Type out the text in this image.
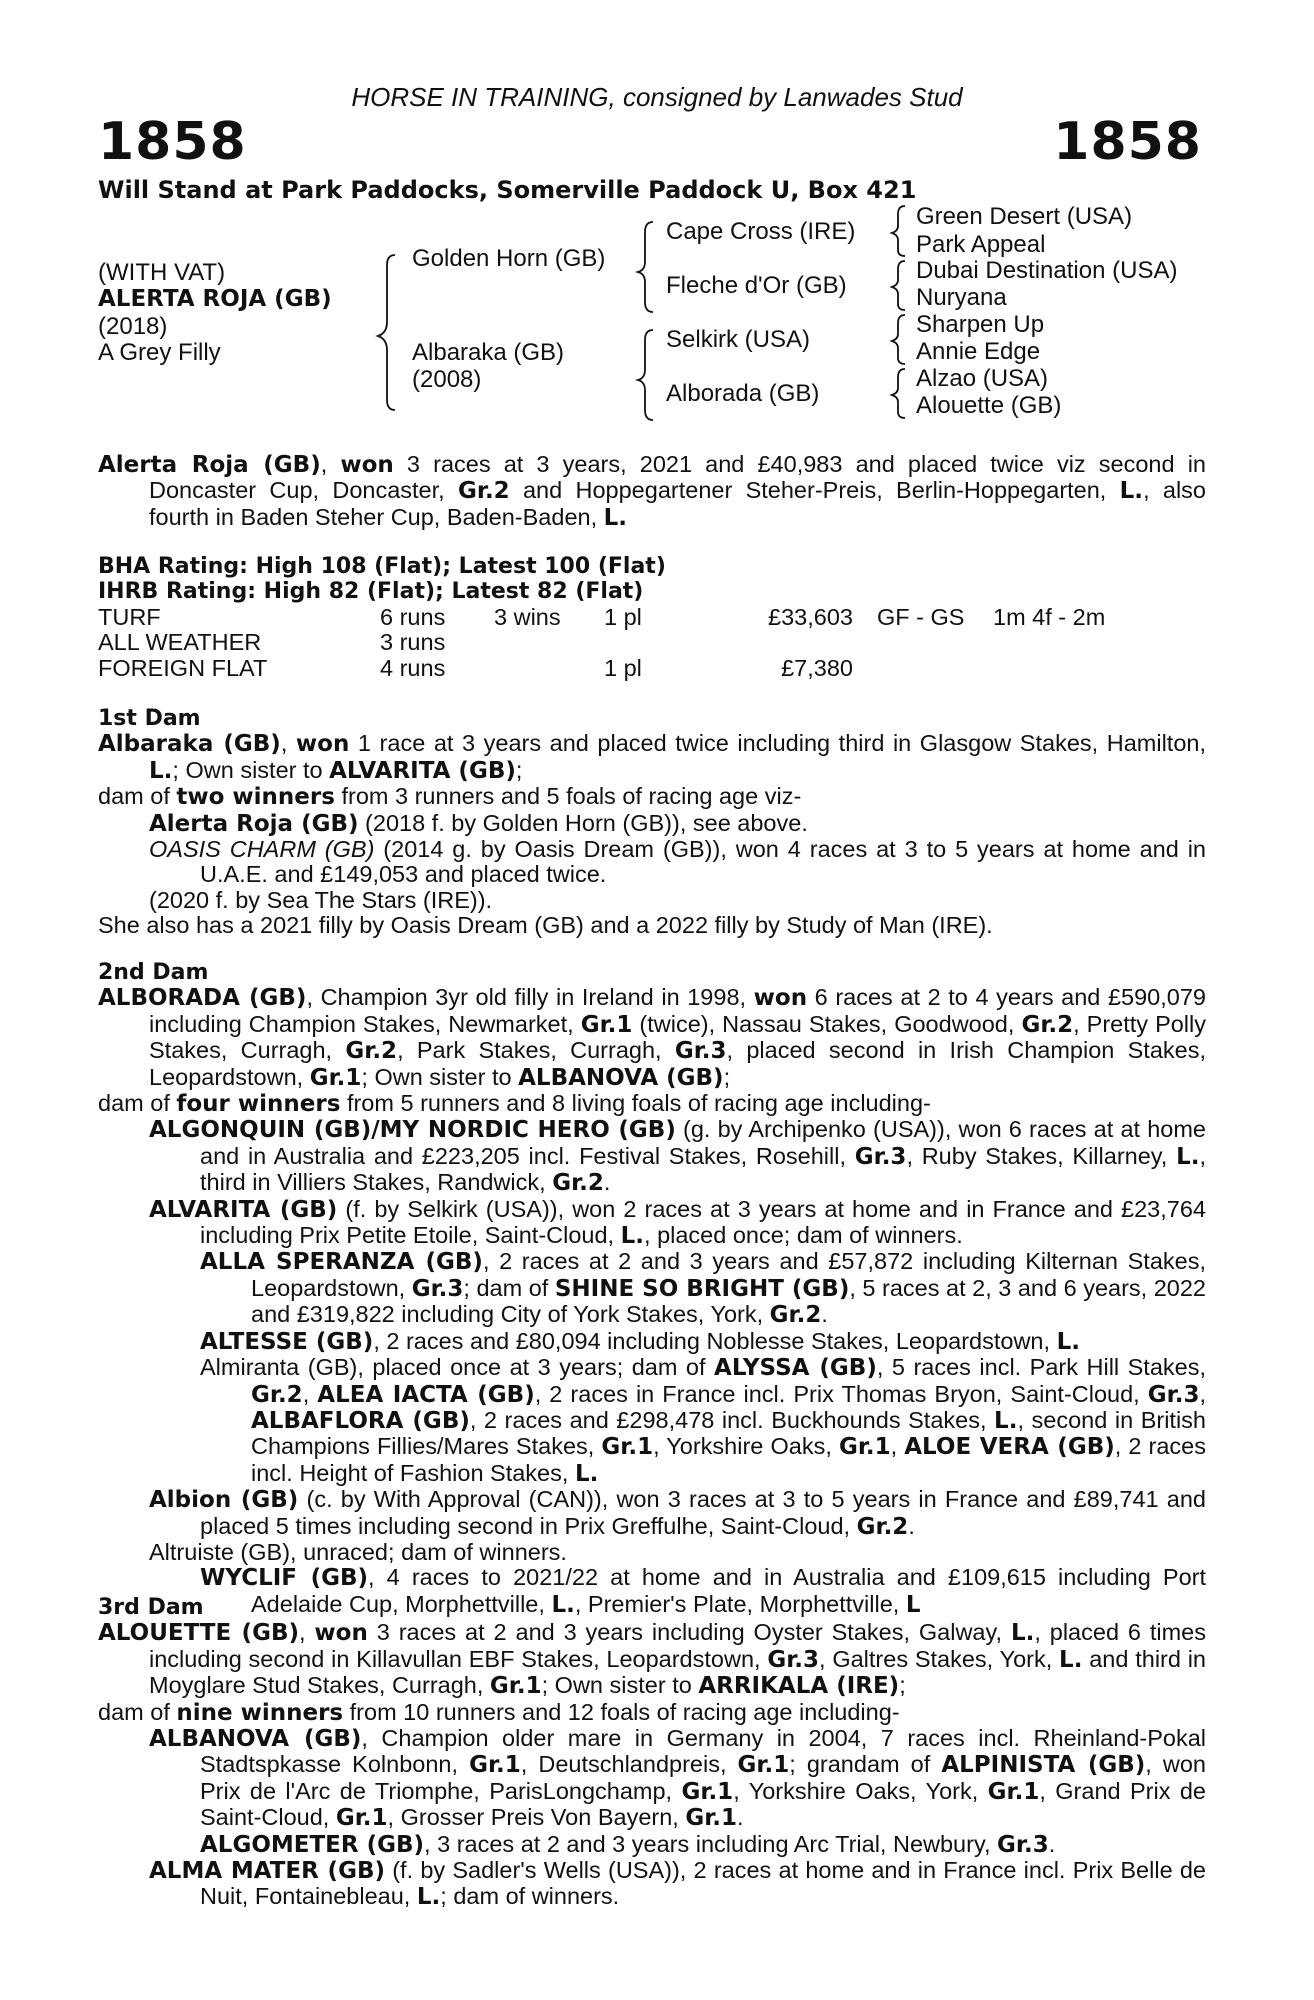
HORSE IN TRAINING, consigned by Lanwades Stud
1858	1858
Will Stand at Park Paddocks, Somerville Paddock U, Box 421
(WITH VAT)
ALERTA ROJA (GB)
(2018)
A Grey Filly
Golden Horn (GB)
Albaraka (GB)
(2008)
Cape Cross (IRE)
Fleche d'Or (GB)
Selkirk (USA)
Alborada (GB)
Green Desert (USA)
Park Appeal
Dubai Destination (USA)
Nuryana
Sharpen Up
Annie Edge
Alzao (USA)
Alouette (GB)

Alerta Roja (GB), won 3 races at 3 years, 2021 and £40,983 and placed twice viz second in Doncaster Cup, Doncaster, Gr.2 and Hoppegartener Steher-Preis, Berlin-Hoppegarten, L., also fourth in Baden Steher Cup, Baden-Baden, L.

BHA Rating: High 108 (Flat); Latest 100 (Flat)

IHRB Rating: High 82 (Flat); Latest 82 (Flat)

TURF	6 runs	3 wins	1 pl	£33,603	GF - GS	1m 4f - 2m
ALL WEATHER	3 runs					
FOREIGN FLAT	4 runs		1 pl	£7,380		

1st Dam

Albaraka (GB), won 1 race at 3 years and placed twice including third in Glasgow Stakes, Hamilton, L.; Own sister to ALVARITA (GB);

dam of two winners from 3 runners and 5 foals of racing age viz-

Alerta Roja (GB) (2018 f. by Golden Horn (GB)), see above.

OASIS CHARM (GB) (2014 g. by Oasis Dream (GB)), won 4 races at 3 to 5 years at home and in U.A.E. and £149,053 and placed twice.

(2020 f. by Sea The Stars (IRE)).

She also has a 2021 filly by Oasis Dream (GB) and a 2022 filly by Study of Man (IRE).

2nd Dam

ALBORADA (GB), Champion 3yr old filly in Ireland in 1998, won 6 races at 2 to 4 years and £590,079 including Champion Stakes, Newmarket, Gr.1 (twice), Nassau Stakes, Goodwood, Gr.2, Pretty Polly Stakes, Curragh, Gr.2, Park Stakes, Curragh, Gr.3, placed second in Irish Champion Stakes, Leopardstown, Gr.1; Own sister to ALBANOVA (GB);

dam of four winners from 5 runners and 8 living foals of racing age including-

ALGONQUIN (GB)/MY NORDIC HERO (GB) (g. by Archipenko (USA)), won 6 races at at home and in Australia and £223,205 incl. Festival Stakes, Rosehill, Gr.3, Ruby Stakes, Killarney, L., third in Villiers Stakes, Randwick, Gr.2.

ALVARITA (GB) (f. by Selkirk (USA)), won 2 races at 3 years at home and in France and £23,764 including Prix Petite Etoile, Saint-Cloud, L., placed once; dam of winners.

ALLA SPERANZA (GB), 2 races at 2 and 3 years and £57,872 including Kilternan Stakes, Leopardstown, Gr.3; dam of SHINE SO BRIGHT (GB), 5 races at 2, 3 and 6 years, 2022 and £319,822 including City of York Stakes, York, Gr.2.

ALTESSE (GB), 2 races and £80,094 including Noblesse Stakes, Leopardstown, L.

Almiranta (GB), placed once at 3 years; dam of ALYSSA (GB), 5 races incl. Park Hill Stakes, Gr.2, ALEA IACTA (GB), 2 races in France incl. Prix Thomas Bryon, Saint-Cloud, Gr.3, ALBAFLORA (GB), 2 races and £298,478 incl. Buckhounds Stakes, L., second in British Champions Fillies/Mares Stakes, Gr.1, Yorkshire Oaks, Gr.1, ALOE VERA (GB), 2 races incl. Height of Fashion Stakes, L.

Albion (GB) (c. by With Approval (CAN)), won 3 races at 3 to 5 years in France and £89,741 and placed 5 times including second in Prix Greffulhe, Saint-Cloud, Gr.2.

Altruiste (GB), unraced; dam of winners.

WYCLIF (GB), 4 races to 2021/22 at home and in Australia and £109,615 including Port Adelaide Cup, Morphettville, L., Premier's Plate, Morphettville, L

3rd Dam

ALOUETTE (GB), won 3 races at 2 and 3 years including Oyster Stakes, Galway, L., placed 6 times including second in Killavullan EBF Stakes, Leopardstown, Gr.3, Galtres Stakes, York, L. and third in Moyglare Stud Stakes, Curragh, Gr.1; Own sister to ARRIKALA (IRE);

dam of nine winners from 10 runners and 12 foals of racing age including-

ALBANOVA (GB), Champion older mare in Germany in 2004, 7 races incl. Rheinland-Pokal Stadtspkasse Kolnbonn, Gr.1, Deutschlandpreis, Gr.1; grandam of ALPINISTA (GB), won Prix de l'Arc de Triomphe, ParisLongchamp, Gr.1, Yorkshire Oaks, York, Gr.1, Grand Prix de Saint-Cloud, Gr.1, Grosser Preis Von Bayern, Gr.1.

ALGOMETER (GB), 3 races at 2 and 3 years including Arc Trial, Newbury, Gr.3.

ALMA MATER (GB) (f. by Sadler's Wells (USA)), 2 races at home and in France incl. Prix Belle de Nuit, Fontainebleau, L.; dam of winners.
